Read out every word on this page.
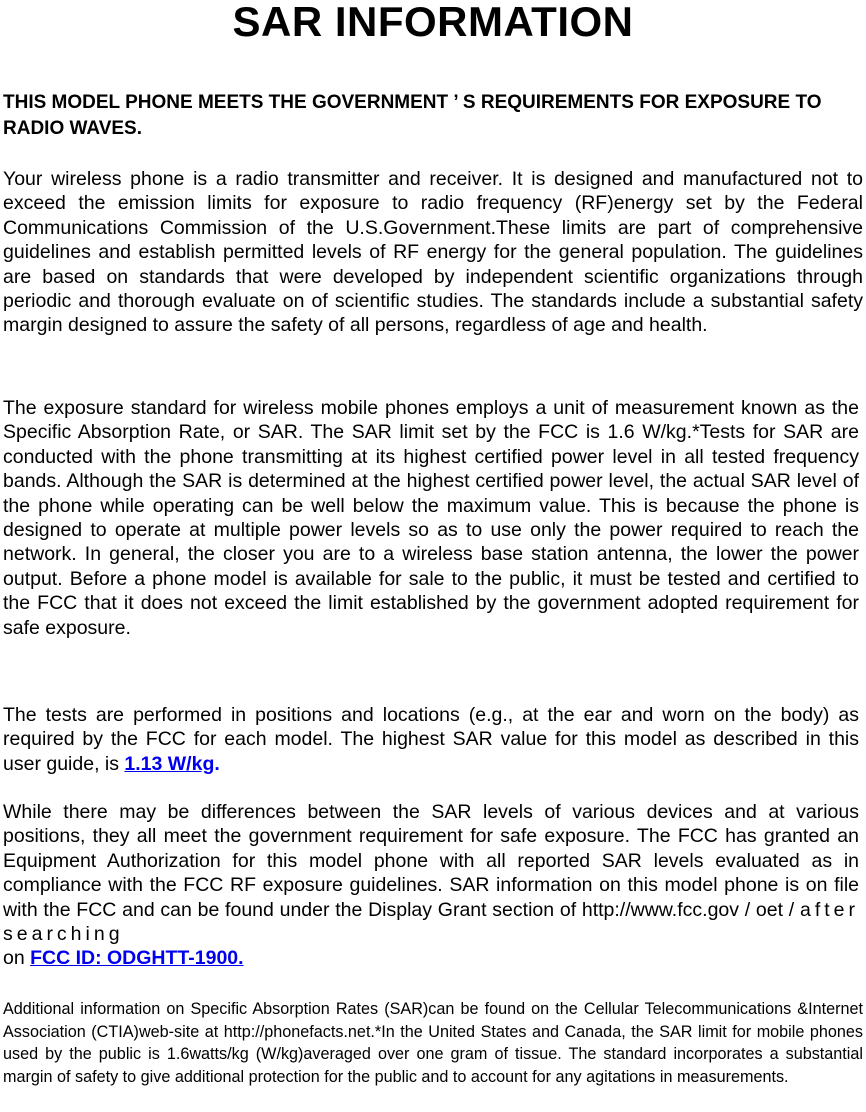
SAR INFORMATION
THIS MODEL PHONE MEETS THE GOVERNMENT ’ S REQUIREMENTS FOR EXPOSURE TO RADIO WAVES.
Your wireless phone is a radio transmitter and receiver. It is designed and manufactured not to exceed the emission limits for exposure to radio frequency (RF)energy set by the Federal Communications Commission of the U.S.Government.These limits are part of comprehensive guidelines and establish permitted levels of RF energy for the general population. The guidelines are based on standards that were developed by independent scientific organizations through periodic and thorough evaluate on of scientific studies. The standards include a substantial safety margin designed to assure the safety of all persons, regardless of age and health.
The exposure standard for wireless mobile phones employs a unit of measurement known as the Specific Absorption Rate, or SAR. The SAR limit set by the FCC is 1.6 W/kg.*Tests for SAR are conducted with the phone transmitting at its highest certified power level in all tested frequency bands. Although the SAR is determined at the highest certified power level, the actual SAR level of the phone while operating can be well below the maximum value. This is because the phone is designed to operate at multiple power levels so as to use only the power required to reach the network. In general, the closer you are to a wireless base station antenna, the lower the power output. Before a phone model is available for sale to the public, it must be tested and certified to the FCC that it does not exceed the limit established by the government adopted requirement for safe exposure.
The tests are performed in positions and locations (e.g., at the ear and worn on the body) as required by the FCC for each model. The highest SAR value for this model as described in this user guide, is 1.13 W/kg.
While there may be differences between the SAR levels of various devices and at various positions, they all meet the government requirement for safe exposure. The FCC has granted an Equipment Authorization for this model phone with all reported SAR levels evaluated as in compliance with the FCC RF exposure guidelines. SAR information on this model phone is on file with the FCC and can be found under the Display Grant section of http://www.fcc.gov / oet / after searching
on FCC ID: ODGHTT-1900.
Additional information on Specific Absorption Rates (SAR)can be found on the Cellular Telecommunications &Internet Association (CTIA)web-site at http://phonefacts.net.*In the United States and Canada, the SAR limit for mobile phones used by the public is 1.6watts/kg (W/kg)averaged over one gram of tissue. The standard incorporates a substantial margin of safety to give additional protection for the public and to account for any agitations in measurements.
